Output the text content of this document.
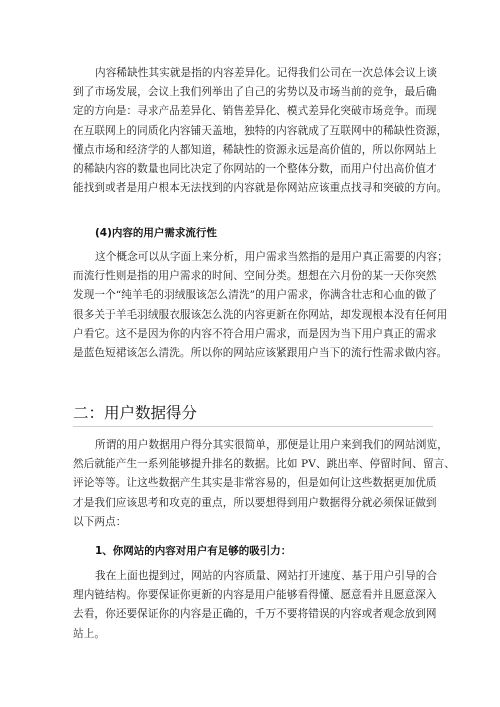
内容稀缺性其实就是指的内容差异化。记得我们公司在一次总体会议上谈

到了市场发展，会议上我们列举出了自己的劣势以及市场当前的竞争，最后确

定的方向是：寻求产品差异化、销售差异化、模式差异化突破市场竞争。而现

在互联网上的同质化内容铺天盖地，独特的内容就成了互联网中的稀缺性资源，

懂点市场和经济学的人都知道，稀缺性的资源永远是高价值的，所以你网站上

的稀缺内容的数量也同比决定了你网站的一个整体分数，而用户付出高价值才

能找到或者是用户根本无法找到的内容就是你网站应该重点找寻和突破的方向。

(4)内容的用户需求流行性

这个概念可以从字面上来分析，用户需求当然指的是用户真正需要的内容；

而流行性则是指的用户需求的时间、空间分类。想想在六月份的某一天你突然

发现一个“纯羊毛的羽绒服该怎么清洗”的用户需求，你满含壮志和心血的做了

很多关于羊毛羽绒服衣服该怎么洗的内容更新在你网站，却发现根本没有任何用

户看它。这不是因为你的内容不符合用户需求，而是因为当下用户真正的需求

是蓝色短裙该怎么清洗。所以你的网站应该紧跟用户当下的流行性需求做内容。

二：用户数据得分

所谓的用户数据用户得分其实很简单，那便是让用户来到我们的网站浏览，

然后就能产生一系列能够提升排名的数据。比如 PV、跳出率、停留时间、留言、

评论等等。让这些数据产生其实是非常容易的，但是如何让这些数据更加优质

才是我们应该思考和攻克的重点，所以要想得到用户数据得分就必须保证做到

以下两点：

1、你网站的内容对用户有足够的吸引力：

我在上面也提到过，网站的内容质量、网站打开速度、基于用户引导的合

理内链结构。你要保证你更新的内容是用户能够看得懂、愿意看并且愿意深入

去看，你还要保证你的内容是正确的，千万不要将错误的内容或者观念放到网

站上。
